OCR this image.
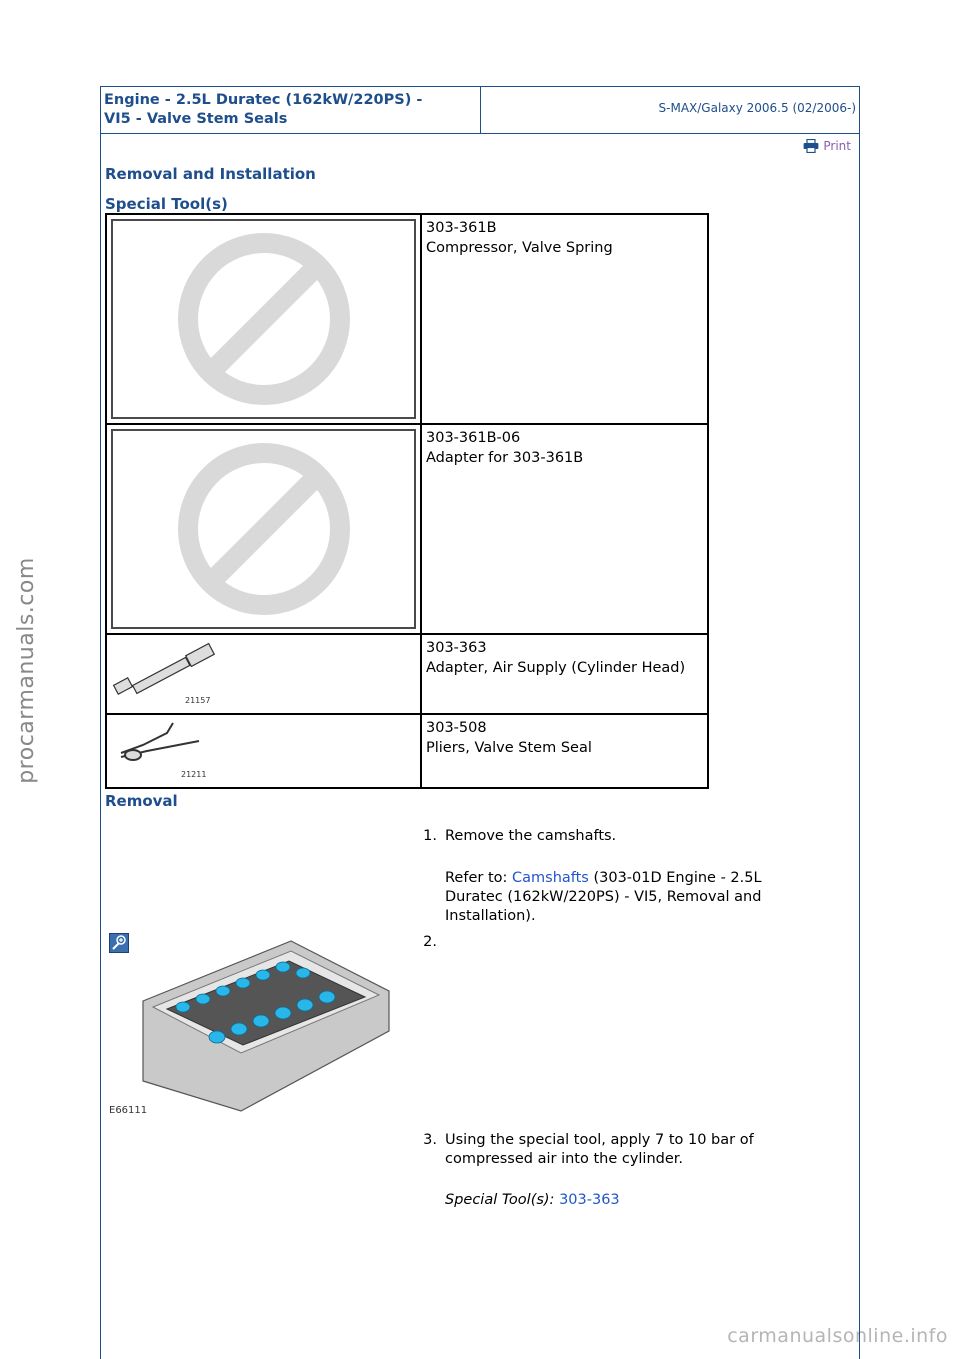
procarmanuals.com
carmanualsonline.info
Engine - 2.5L Duratec (162kW/220PS) -
VI5 - Valve Stem Seals
S-MAX/Galaxy 2006.5 (02/2006-)
Print
Removal and Installation
Special Tool(s)

303-361B
Compressor, Valve Spring

303-361B-06
Adapter for 303-361B

21157	303-363
Adapter, Air Supply (Cylinder Head)

21211	303-508
Pliers, Valve Stem Seal
Removal
1. Remove the camshafts.
Refer to: Camshafts (303-01D Engine - 2.5L Duratec (162kW/220PS) - VI5, Removal and Installation).
E66111
2.
3. Using the special tool, apply 7 to 10 bar of compressed air into the cylinder.
Special Tool(s): 303-363
